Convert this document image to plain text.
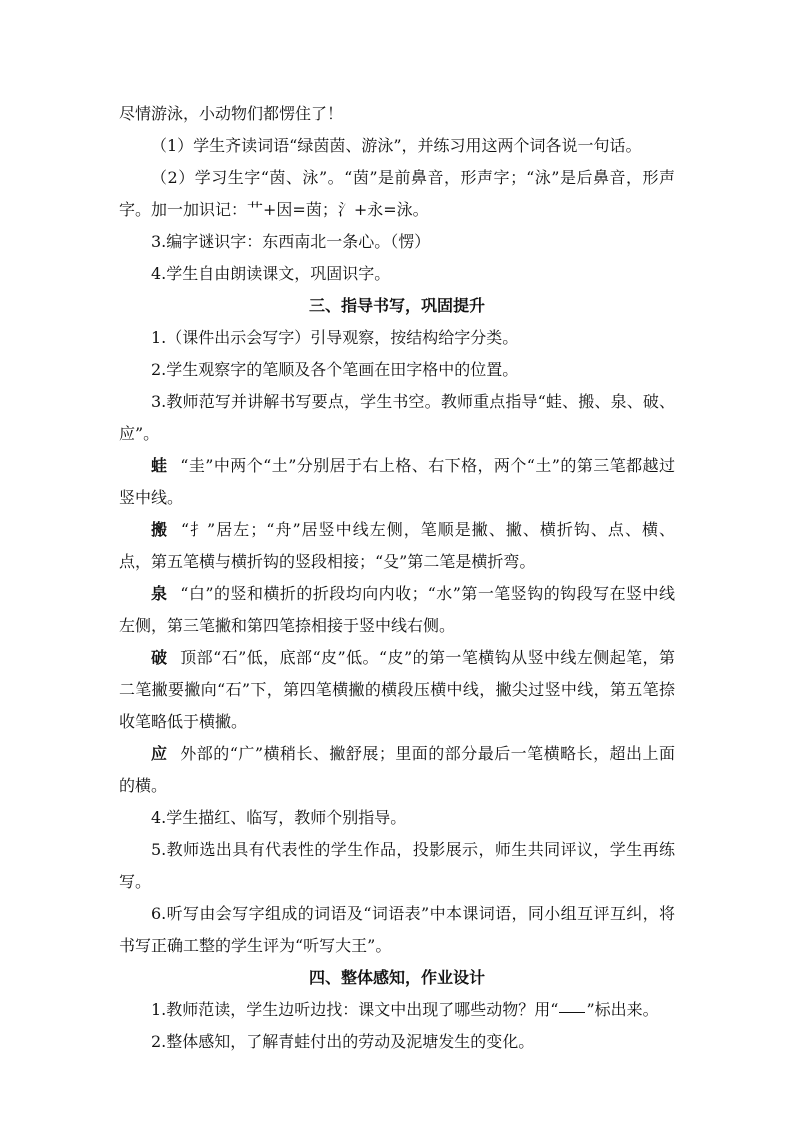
尽情游泳，小动物们都愣住了！

（1）学生齐读词语“绿茵茵、游泳”，并练习用这两个词各说一句话。

（2）学习生字“茵、泳”。“茵”是前鼻音，形声字；“泳”是后鼻音，形声字。加一加识记：艹+因=茵；氵+永=泳。

3.编字谜识字：东西南北一条心。（愣）

4.学生自由朗读课文，巩固识字。

三、指导书写，巩固提升

1.（课件出示会写字）引导观察，按结构给字分类。

2.学生观察字的笔顺及各个笔画在田字格中的位置。

3.教师范写并讲解书写要点，学生书空。教师重点指导“蛙、搬、泉、破、应”。

蛙 “圭”中两个“土”分别居于右上格、右下格，两个“土”的第三笔都越过竖中线。

搬 “扌”居左；“舟”居竖中线左侧，笔顺是撇、撇、横折钩、点、横、点，第五笔横与横折钩的竖段相接；“殳”第二笔是横折弯。

泉 “白”的竖和横折的折段均向内收；“水”第一笔竖钩的钩段写在竖中线左侧，第三笔撇和第四笔捺相接于竖中线右侧。

破 顶部“石”低，底部“皮”低。“皮”的第一笔横钩从竖中线左侧起笔，第二笔撇要撇向“石”下，第四笔横撇的横段压横中线，撇尖过竖中线，第五笔捺收笔略低于横撇。

应 外部的“广”横稍长、撇舒展；里面的部分最后一笔横略长，超出上面的横。

4.学生描红、临写，教师个别指导。

5.教师选出具有代表性的学生作品，投影展示，师生共同评议，学生再练写。

6.听写由会写字组成的词语及“词语表”中本课词语，同小组互评互纠，将书写正确工整的学生评为“听写大王”。

四、整体感知，作业设计

1.教师范读，学生边听边找：课文中出现了哪些动物？用“ ”标出来。

2.整体感知，了解青蛙付出的劳动及泥塘发生的变化。
